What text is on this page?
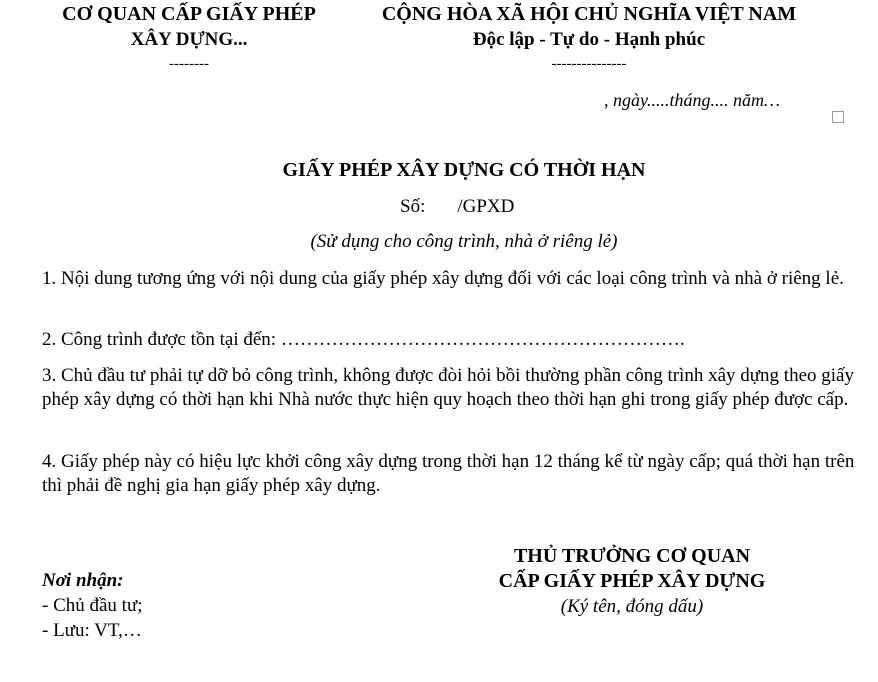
CƠ QUAN CẤP GIẤY PHÉP
XÂY DỰNG...
--------
CỘNG HÒA XÃ HỘI CHỦ NGHĨA VIỆT NAM
Độc lập - Tự do - Hạnh phúc
---------------
, ngày.....tháng.... năm…
GIẤY PHÉP XÂY DỰNG CÓ THỜI HẠN
Số: /GPXD
(Sử dụng cho công trình, nhà ở riêng lẻ)
1. Nội dung tương ứng với nội dung của giấy phép xây dựng đối với các loại công trình và nhà ở riêng lẻ.
2. Công trình được tồn tại đến: ……………………………………………………….
3. Chủ đầu tư phải tự dỡ bỏ công trình, không được đòi hỏi bồi thường phần công trình xây dựng theo giấy phép xây dựng có thời hạn khi Nhà nước thực hiện quy hoạch theo thời hạn ghi trong giấy phép được cấp.
4. Giấy phép này có hiệu lực khởi công xây dựng trong thời hạn 12 tháng kể từ ngày cấp; quá thời hạn trên thì phải đề nghị gia hạn giấy phép xây dựng.
THỦ TRƯỞNG CƠ QUAN
CẤP GIẤY PHÉP XÂY DỰNG
(Ký tên, đóng dấu)
Nơi nhận:
- Chủ đầu tư;
- Lưu: VT,…
